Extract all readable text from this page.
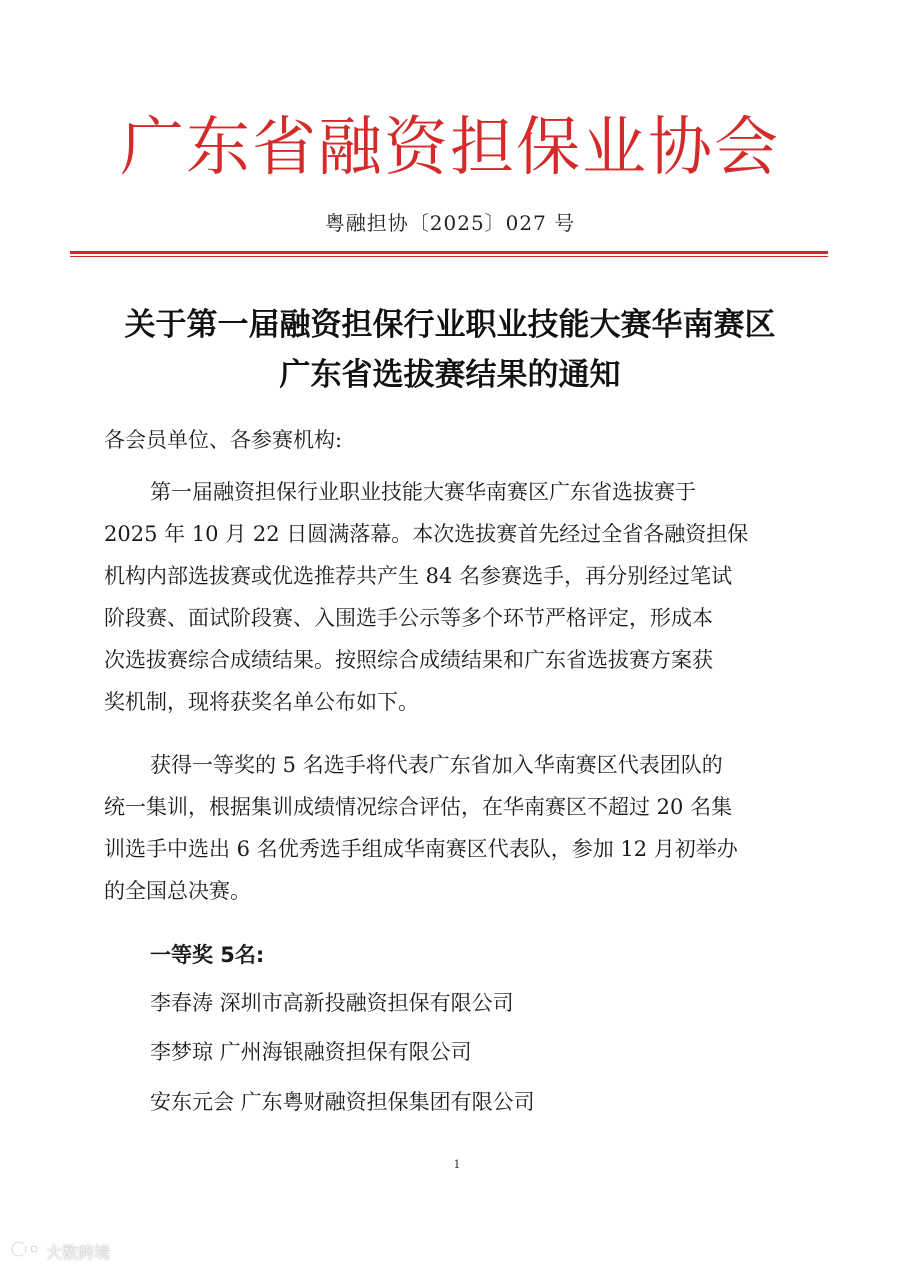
广东省融资担保业协会
粤融担协〔2025〕027 号
关于第一届融资担保行业职业技能大赛华南赛区
广东省选拔赛结果的通知
各会员单位、各参赛机构:
第一届融资担保行业职业技能大赛华南赛区广东省选拔赛于
2025 年 10 月 22 日圆满落幕。本次选拔赛首先经过全省各融资担保
机构内部选拔赛或优选推荐共产生 84 名参赛选手，再分别经过笔试
阶段赛、面试阶段赛、入围选手公示等多个环节严格评定，形成本
次选拔赛综合成绩结果。按照综合成绩结果和广东省选拔赛方案获
奖机制，现将获奖名单公布如下。
获得一等奖的 5 名选手将代表广东省加入华南赛区代表团队的
统一集训，根据集训成绩情况综合评估，在华南赛区不超过 20 名集
训选手中选出 6 名优秀选手组成华南赛区代表队，参加 12 月初举办
的全国总决赛。
一等奖 5名:
李春涛 深圳市高新投融资担保有限公司
李梦琼 广州海银融资担保有限公司
安东元会 广东粤财融资担保集团有限公司
1
大数跨境
